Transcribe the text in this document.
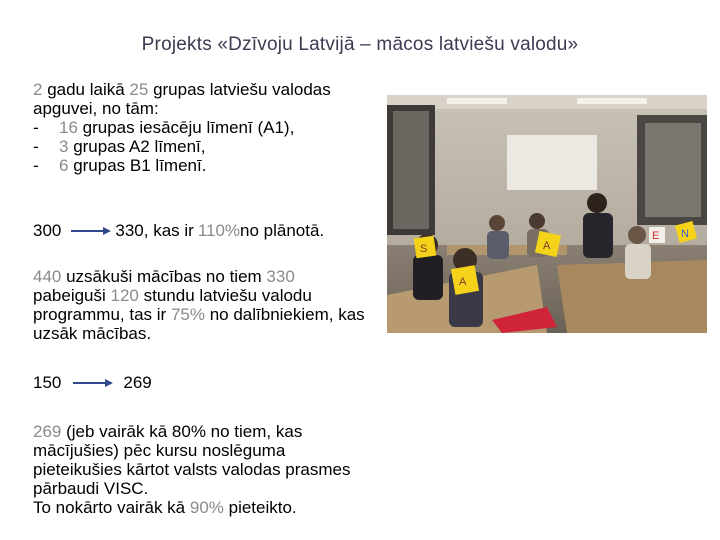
Projekts «Dzīvoju Latvijā – mācos latviešu valodu»
2 gadu laikā 25 grupas latviešu valodas apguvei, no tām:
- 16 grupas iesācēju līmenī (A1),
- 3 grupas A2 līmenī,
- 6 grupas B1 līmenī.
300	330 , kas ir 110% no plānotā.
440 uzsākuši mācības no tiem 330 pabeiguši 120 stundu latviešu valodu programmu, tas ir 75% no dalībniekiem, kas uzsāk mācības.
150	269
269 (jeb vairāk kā 80% no tiem, kas mācījušies) pēc kursu noslēguma pieteikušies kārtot valsts valodas prasmes pārbaudi VISC.
To nokārto vairāk kā 90% pieteikto.
S
A
A
E N
